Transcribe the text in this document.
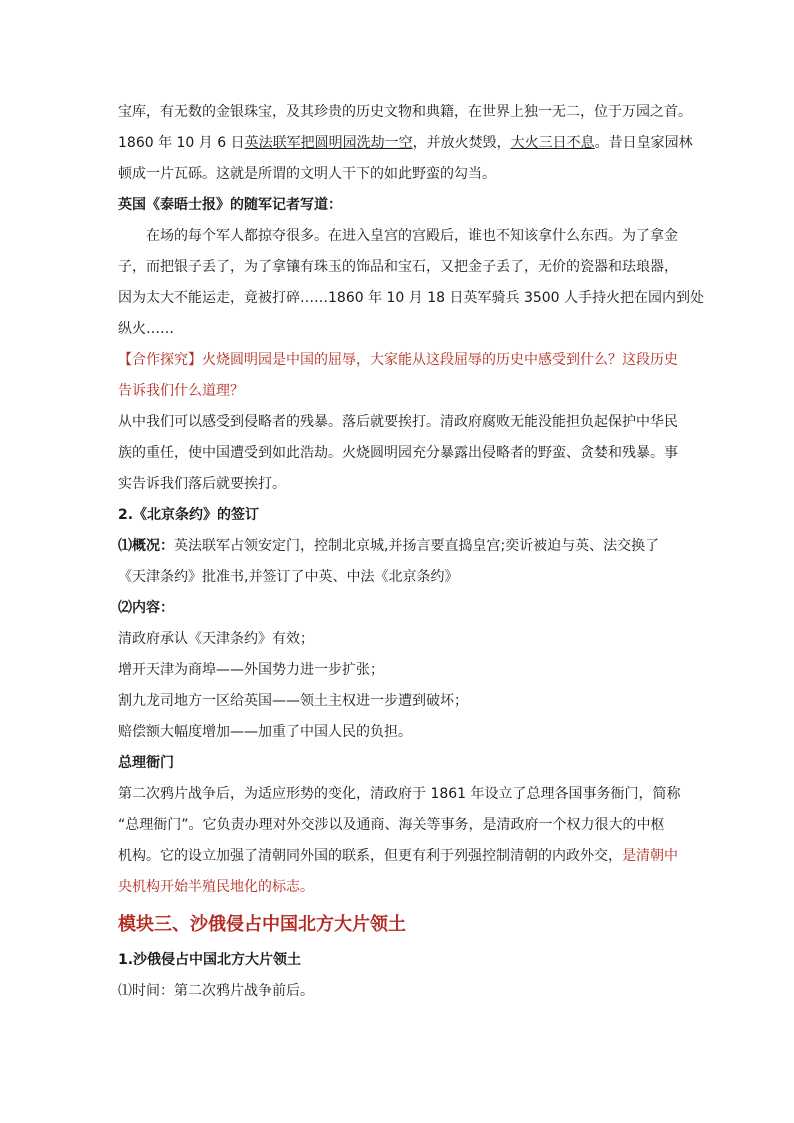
宝库，有无数的金银珠宝，及其珍贵的历史文物和典籍，在世界上独一无二，位于万园之首。

1860 年 10 月 6 日英法联军把圆明园洗劫一空，并放火焚毁，大火三日不息。昔日皇家园林

顿成一片瓦砾。这就是所谓的文明人干下的如此野蛮的勾当。

英国《泰晤士报》的随军记者写道：

在场的每个军人都掠夺很多。在进入皇宫的宫殿后，谁也不知该拿什么东西。为了拿金

子，而把银子丢了，为了拿镶有珠玉的饰品和宝石，又把金子丢了，无价的瓷器和珐琅器，

因为太大不能运走，竟被打碎……1860 年 10 月 18 日英军骑兵 3500 人手持火把在园内到处

纵火……

【合作探究】火烧圆明园是中国的屈辱，大家能从这段屈辱的历史中感受到什么？这段历史

告诉我们什么道理？

从中我们可以感受到侵略者的残暴。落后就要挨打。清政府腐败无能没能担负起保护中华民

族的重任，使中国遭受到如此浩劫。火烧圆明园充分暴露出侵略者的野蛮、贪婪和残暴。事

实告诉我们落后就要挨打。

2.《北京条约》的签订

⑴概况：英法联军占领安定门，控制北京城,并扬言要直捣皇宫;奕䜣被迫与英、法交换了

《天津条约》批准书,并签订了中英、中法《北京条约》

⑵内容：

清政府承认《天津条约》有效；

增开天津为商埠——外国势力进一步扩张；

割九龙司地方一区给英国——领土主权进一步遭到破坏；

赔偿额大幅度增加——加重了中国人民的负担。

总理衙门

第二次鸦片战争后，为适应形势的变化，清政府于 1861 年设立了总理各国事务衙门，简称

“总理衙门”。它负责办理对外交涉以及通商、海关等事务，是清政府一个权力很大的中枢

机构。它的设立加强了清朝同外国的联系，但更有利于列强控制清朝的内政外交，是清朝中

央机构开始半殖民地化的标志。

模块三、沙俄侵占中国北方大片领土

1.沙俄侵占中国北方大片领土

⑴时间：第二次鸦片战争前后。
